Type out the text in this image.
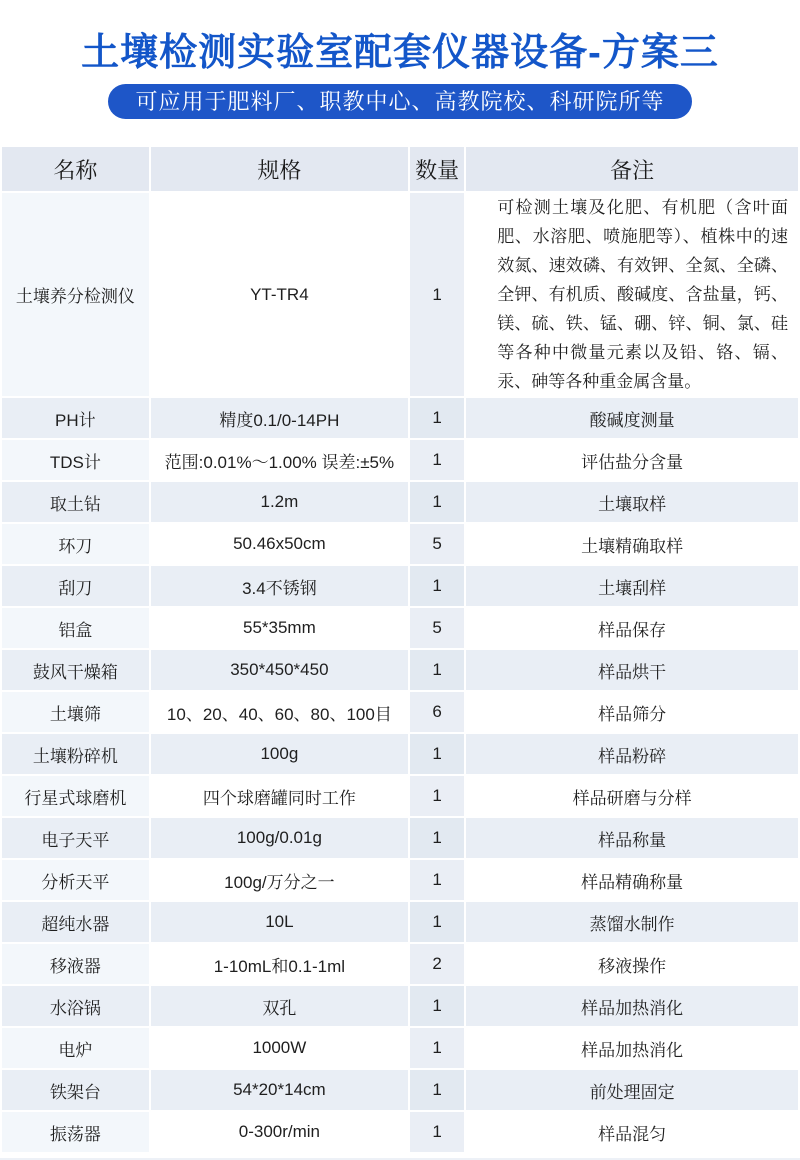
土壤检测实验室配套仪器设备-方案三
可应用于肥料厂、职教中心、高教院校、科研院所等
名称	规格	数量	备注
土壤养分检测仪	YT-TR4	1	可检测土壤及化肥、有机肥（含叶面肥、水溶肥、喷施肥等）、植株中的速效氮、速效磷、有效钾、全氮、全磷、全钾、有机质、酸碱度、含盐量，钙、镁、硫、铁、锰、硼、锌、铜、氯、硅等各种中微量元素以及铅、铬、镉、汞、砷等各种重金属含量。
PH计	精度0.1/0-14PH	1	酸碱度测量
TDS计	范围:0.01%～1.00% 误差:±5%	1	评估盐分含量
取土钻	1.2m	1	土壤取样
环刀	50.46x50cm	5	土壤精确取样
刮刀	3.4不锈钢	1	土壤刮样
铝盒	55*35mm	5	样品保存
鼓风干燥箱	350*450*450	1	样品烘干
土壤筛	10、20、40、60、80、100目	6	样品筛分
土壤粉碎机	100g	1	样品粉碎
行星式球磨机	四个球磨罐同时工作	1	样品研磨与分样
电子天平	100g/0.01g	1	样品称量
分析天平	100g/万分之一	1	样品精确称量
超纯水器	10L	1	蒸馏水制作
移液器	1-10mL和0.1-1ml	2	移液操作
水浴锅	双孔	1	样品加热消化
电炉	1000W	1	样品加热消化
铁架台	54*20*14cm	1	前处理固定
振荡器	0-300r/min	1	样品混匀
